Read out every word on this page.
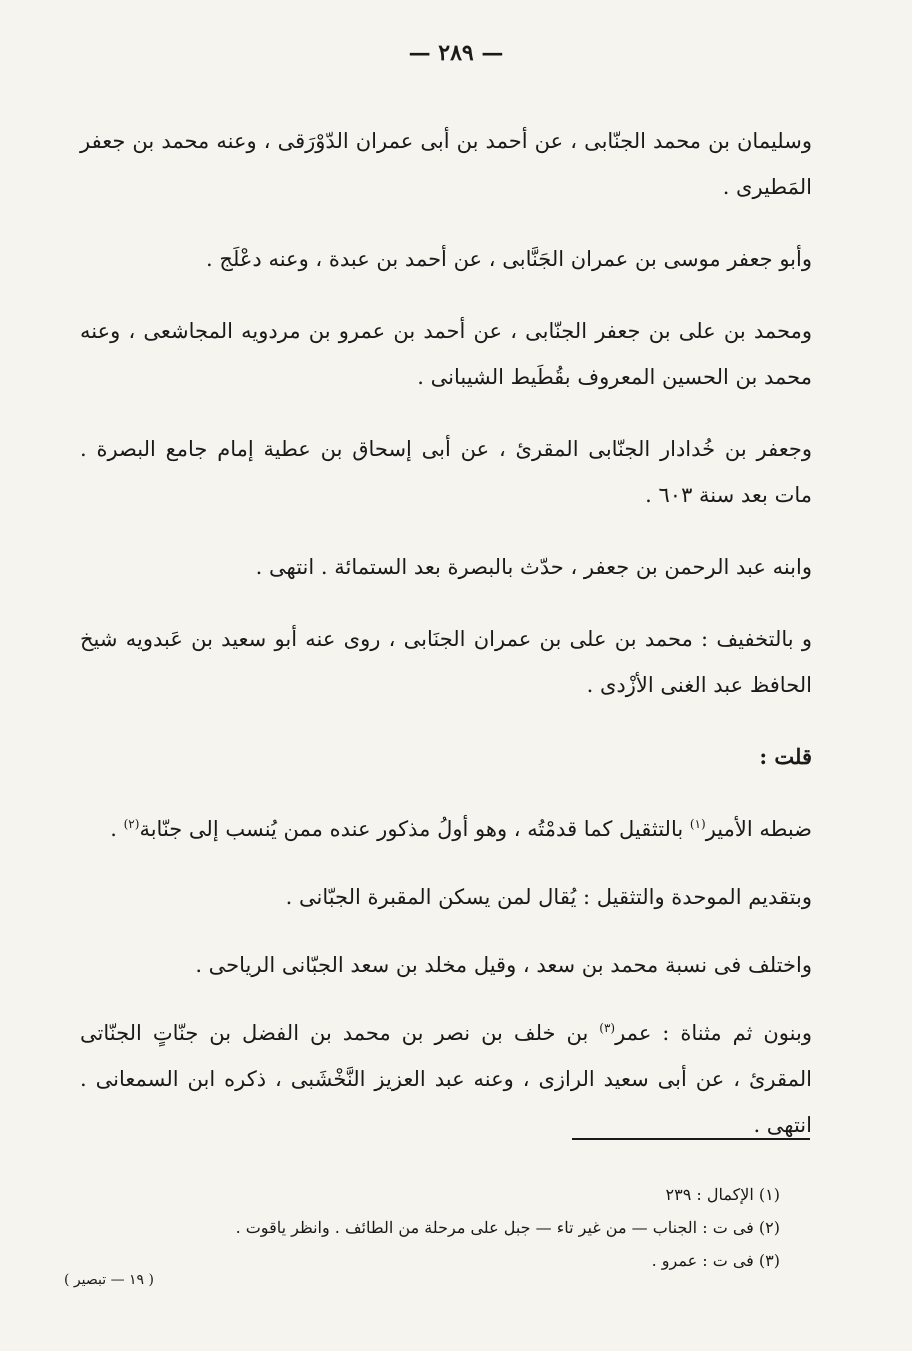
— ٢٨٩ —

وسليمان بن محمد الجنّابى ، عن أحمد بن أبى عمران الدّوْرَقى ، وعنه محمد بن جعفر المَطيرى .

وأبو جعفر موسى بن عمران الجَنَّابى ، عن أحمد بن عبدة ، وعنه دعْلَج .

ومحمد بن على بن جعفر الجنّابى ، عن أحمد بن عمرو بن مردويه المجاشعى ، وعنه محمد بن الحسين المعروف بقُطَيط الشيبانى .

وجعفر بن خُدادار الجنّابى المقرئ ، عن أبى إسحاق بن عطية إمام جامع البصرة . مات بعد سنة ٦٠٣ .

وابنه عبد الرحمن بن جعفر ، حدّث بالبصرة بعد الستمائة . انتهى .

و بالتخفيف : محمد بن على بن عمران الجنَابى ، روى عنه أبو سعيد بن عَبدويه شيخ الحافظ عبد الغنى الأزْدى .

قلت :

ضبطه الأمير$^{(١)}$ بالتثقيل كما قدمْتُه ، وهو أولُ مذكور عنده ممن يُنسب إلى جنّابة$^{(٢)}$ .

وبتقديم الموحدة والتثقيل : يُقال لمن يسكن المقبرة الجبّانى .

واختلف فى نسبة محمد بن سعد ، وقيل مخلد بن سعد الجبّانى الرياحى .

وبنون ثم مثناة : عمر$^{(٣)}$ بن خلف بن نصر بن محمد بن الفضل بن جنّاتٍ الجنّاتى المقرئ ، عن أبى سعيد الرازى ، وعنه عبد العزيز النَّخْشَبى ، ذكره ابن السمعانى . انتهى .

(١) الإكمال : ٢٣٩
(٢) فى ت : الجناب — من غير تاء — جبل على مرحلة من الطائف . وانظر ياقوت .
(٣) فى ت : عمرو .
( ١٩ — تبصير )
